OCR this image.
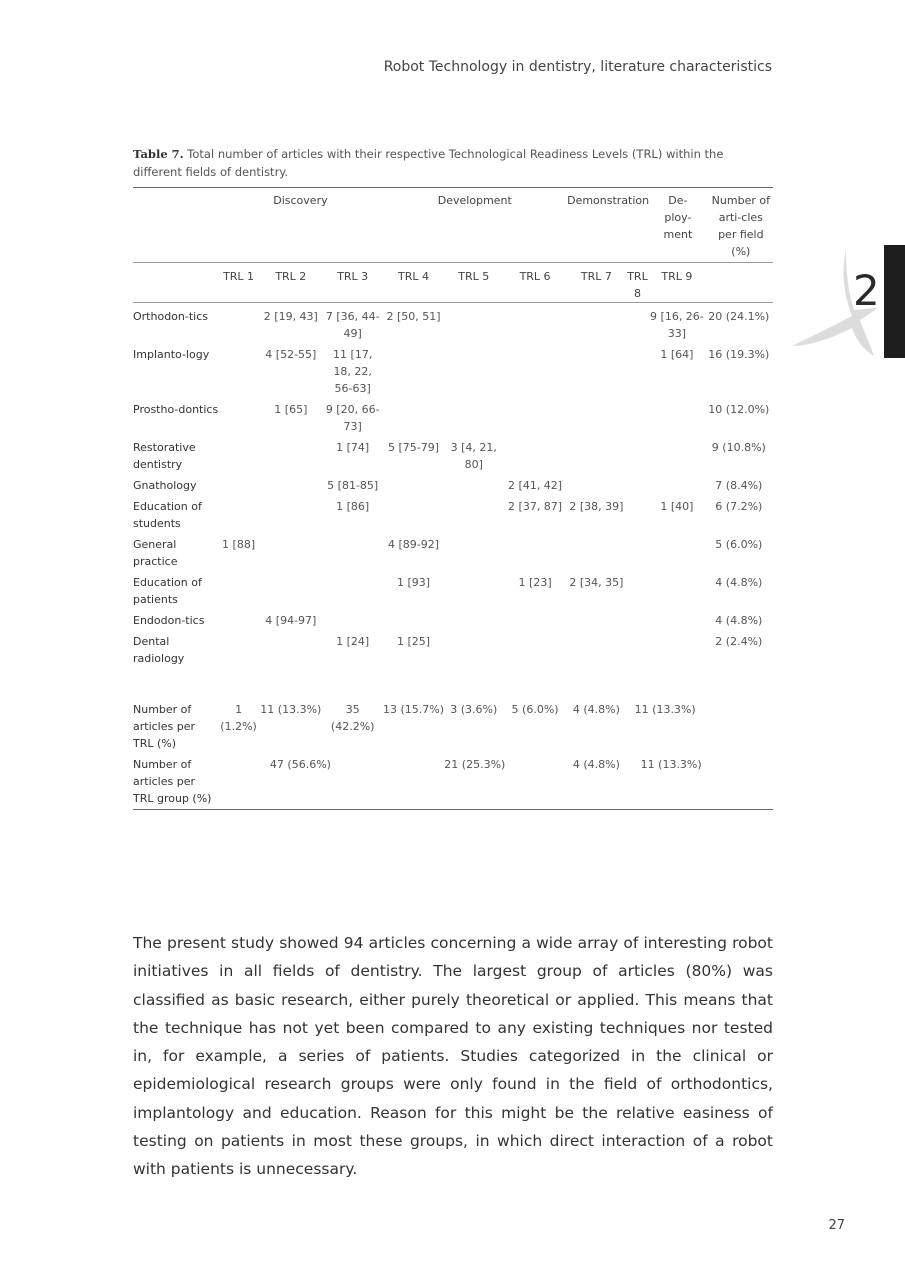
Robot Technology in dentistry, literature characteristics
2
Table 7. Total number of articles with their respective Technological Readiness Levels (TRL) within the different fields of dentistry.
	Discovery			Development			Demonstration		De-ploy-ment	Number of arti-cles per field (%)
	TRL 1	TRL 2	TRL 3	TRL 4	TRL 5	TRL 6	TRL 7	TRL 8	TRL 9	
Orthodon-tics		2 [19, 43]	7 [36, 44-49]	2 [50, 51]					9 [16, 26-33]	20 (24.1%)
Implanto-logy		4 [52-55]	11 [17, 18, 22, 56-63]						1 [64]	16 (19.3%)
Prostho-dontics		1 [65]	9 [20, 66-73]							10 (12.0%)
Restorative dentistry			1 [74]	5 [75-79]	3 [4, 21, 80]					9 (10.8%)
Gnathology			5 [81-85]			2 [41, 42]				7 (8.4%)
Education of students			1 [86]			2 [37, 87]	2 [38, 39]		1 [40]	6 (7.2%)
General practice	1 [88]			4 [89-92]						5 (6.0%)
Education of patients				1 [93]		1 [23]	2 [34, 35]			4 (4.8%)
Endodon-tics		4 [94-97]								4 (4.8%)
Dental radiology			1 [24]	1 [25]						2 (2.4%)

Number of articles per TRL (%)	1 (1.2%)	11 (13.3%)	35 (42.2%)	13 (15.7%)	3 (3.6%)	5 (6.0%)	4 (4.8%)	11 (13.3%)		
Number of articles per TRL group (%)	47 (56.6%)			21 (25.3%)			4 (4.8%)	11 (13.3%)		

The present study showed 94 articles concerning a wide array of interesting robot initiatives in all fields of dentistry. The largest group of articles (80%) was classified as basic research, either purely theoretical or applied. This means that the technique has not yet been compared to any existing techniques nor tested in, for example, a series of patients. Studies categorized in the clinical or epidemiological research groups were only found in the field of orthodontics, implantology and education. Reason for this might be the relative easiness of testing on patients in most these groups, in which direct interaction of a robot with patients is unnecessary.

27
